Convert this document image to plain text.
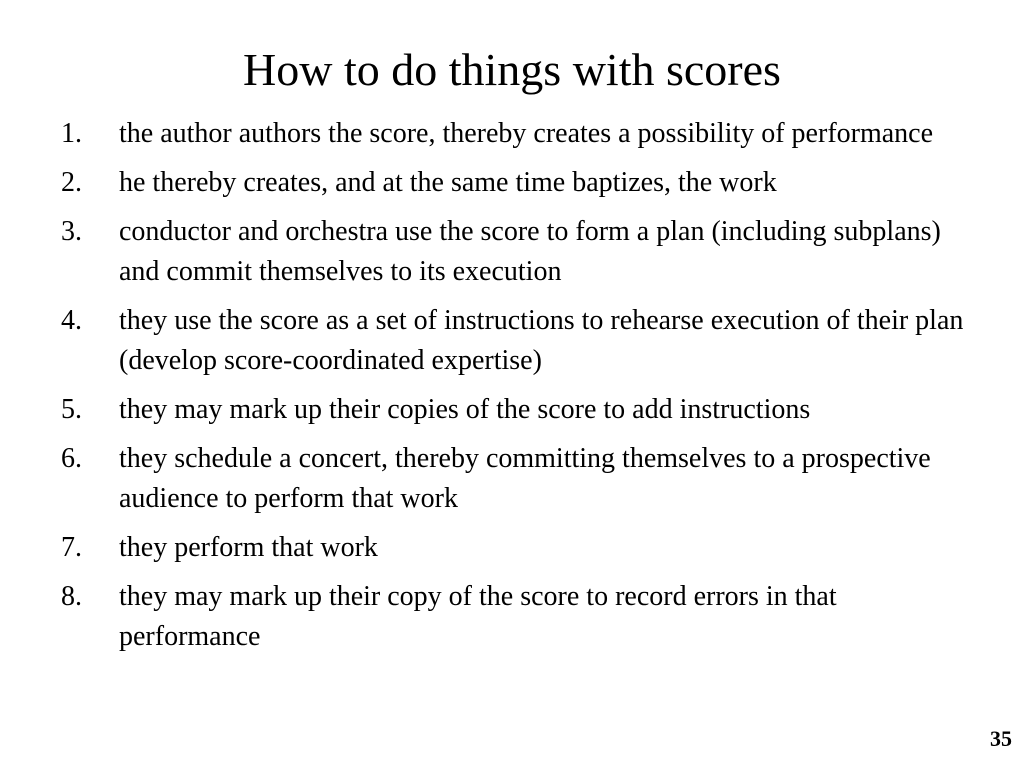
How to do things with scores
1. the author authors the score, thereby creates a possibility of performance
2. he thereby creates, and at the same time baptizes, the work
3. conductor and orchestra use the score to form a plan (including subplans) and commit themselves to its execution
4. they use the score as a set of instructions to rehearse execution of their plan (develop score-coordinated expertise)
5. they may mark up their copies of the score to add instructions
6. they schedule a concert, thereby committing themselves to a prospective audience to perform that work
7. they perform that work
8. they may mark up their copy of the score to record errors in that performance
35
